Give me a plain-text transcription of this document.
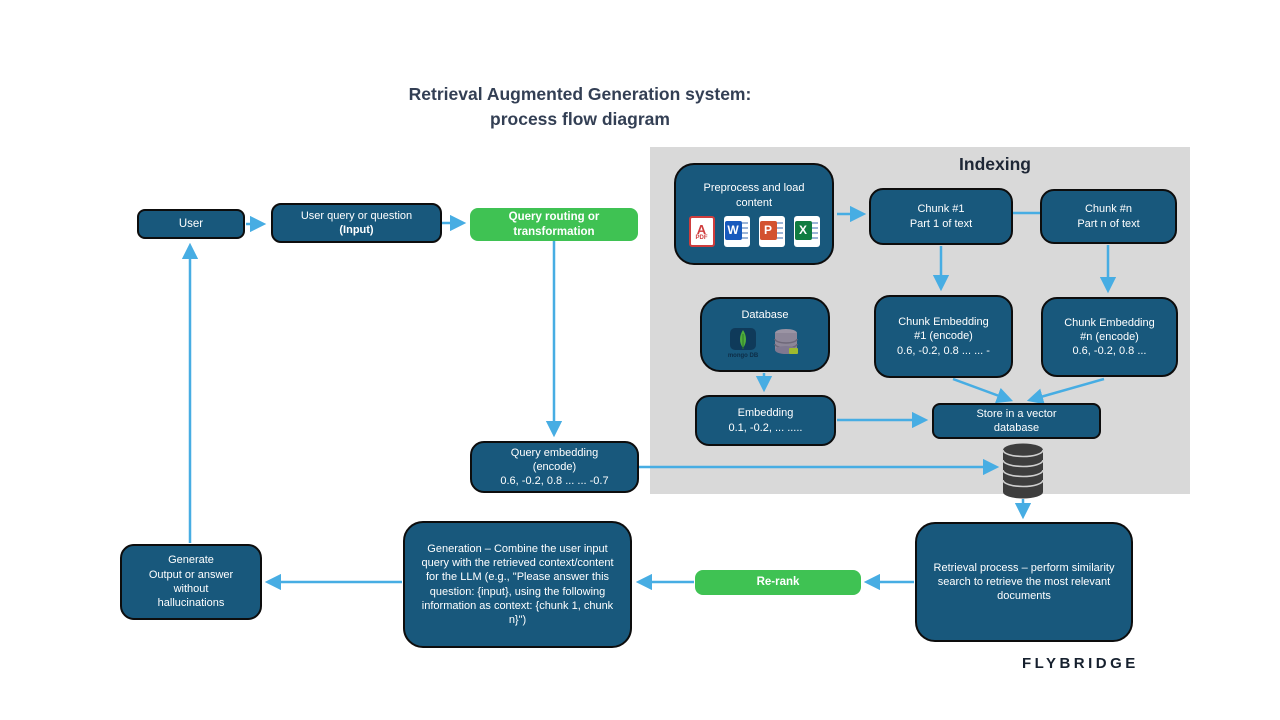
Retrieval Augmented Generation system:
process flow diagram
Indexing
User
User query or question
(Input)
Query routing or
transformation
Preprocess and load
content
A
PDF
W	P	X
Chunk #1
Part 1 of text
Chunk #n
Part n of text
Database
mongo DB
Chunk Embedding
#1 (encode)
0.6, -0.2, 0.8 ... ... -
Chunk Embedding
#n (encode)
0.6, -0.2, 0.8 ...
Embedding
0.1, -0.2, ... .....
Store in a vector
database
Query embedding
(encode)
0.6, -0.2, 0.8 ... ... -0.7
Retrieval process – perform similarity search to retrieve the most relevant documents
Re-rank
Generation – Combine the user input query with the retrieved context/content for the LLM (e.g., "Please answer this question: {input}, using the following information as context: {chunk 1, chunk n}")
Generate
Output or answer
without
hallucinations
FLYBRIDGE
